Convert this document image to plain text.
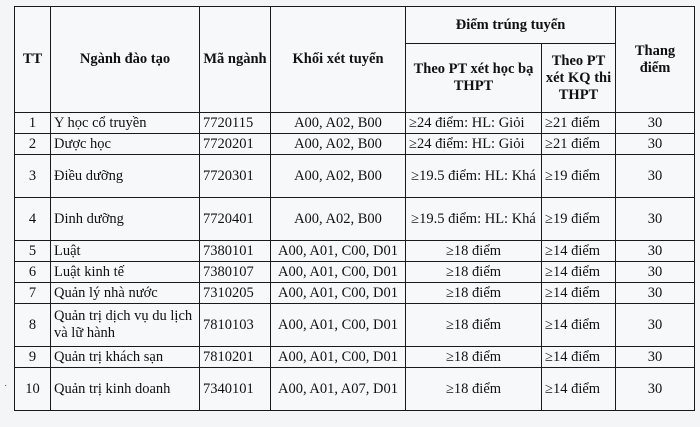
TT	Ngành đào tạo	Mã ngành	Khối xét tuyển	Điểm trúng tuyển		Thang điểm
				Theo PT xét học bạ THPT	Theo PT xét KQ thi THPT	
1	Y học cổ truyền	7720115	A00, A02, B00	≥24 điểm: HL: Giỏi	≥21 điểm	30
2	Dược học	7720201	A00, A02, B00	≥24 điểm: HL: Giỏi	≥21 điểm	30
3	Điều dưỡng	7720301	A00, A02, B00	≥19.5 điểm: HL: Khá	≥19 điểm	30
4	Dinh dưỡng	7720401	A00, A02, B00	≥19.5 điểm: HL: Khá	≥19 điểm	30
5	Luật	7380101	A00, A01, C00, D01	≥18 điểm	≥14 điểm	30
6	Luật kinh tế	7380107	A00, A01, C00, D01	≥18 điểm	≥14 điểm	30
7	Quản lý nhà nước	7310205	A00, A01, C00, D01	≥18 điểm	≥14 điểm	30
8	Quản trị dịch vụ du lịch và lữ hành	7810103	A00, A01, C00, D01	≥18 điểm	≥14 điểm	30
9	Quản trị khách sạn	7810201	A00, A01, C00, D01	≥18 điểm	≥14 điểm	30
10	Quản trị kinh doanh	7340101	A00, A01, A07, D01	≥18 điểm	≥14 điểm	30
˙
